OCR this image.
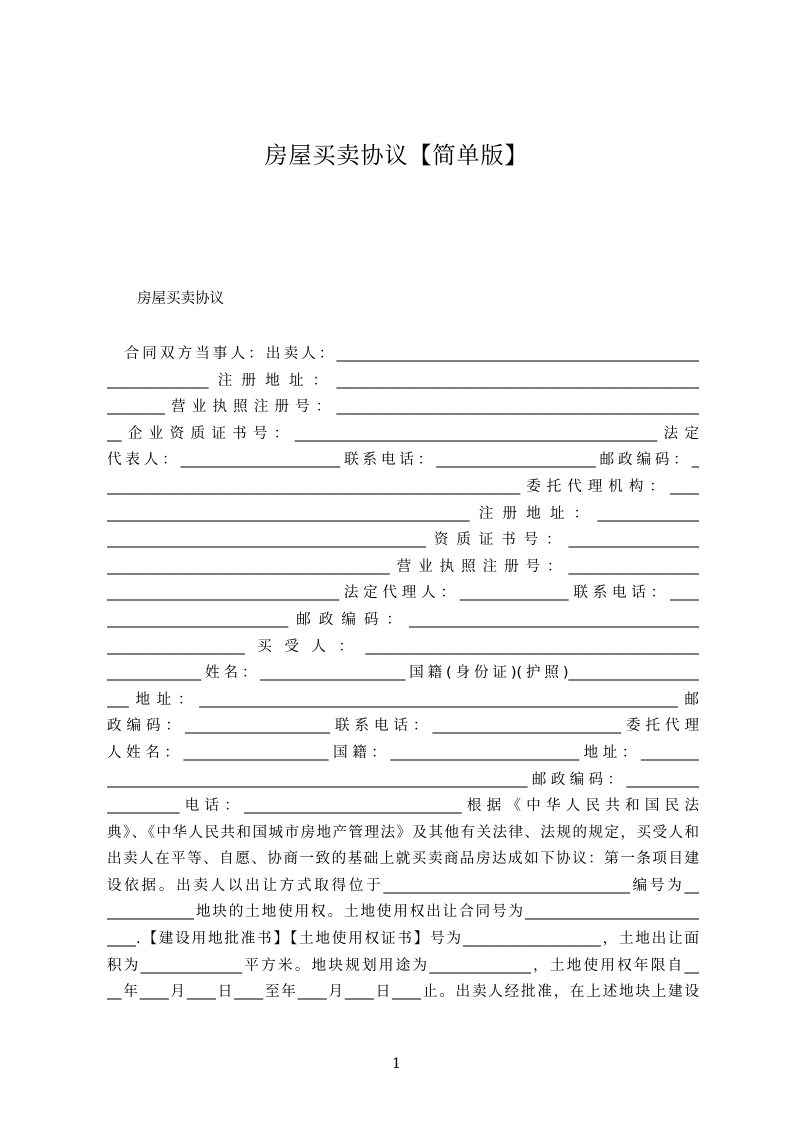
房屋买卖协议【简单版】
房屋买卖协议
　合同双方当事人：出卖人：__________________________________________________
______________注册地址：__________________________________________________
________营业执照注册号：__________________________________________________
__企业资质证书号：__________________________________________________法定
代表人：______________________联系电话：______________________邮政编码：_
_________________________________________________________委托代理机构：____
__________________________________________________注册地址：______________
____________________________________________资质证书号：__________________
_______________________________________营业执照注册号：__________________
________________________________法定代理人：_______________联系电话：____
_________________________邮政编码：________________________________________
___________________买受人：______________________________________________
_____________姓名：____________________国籍(身份证)(护照)__________________
___地址：__________________________________________________________________邮
政编码：____________________联系电话：__________________________委托代理
人姓名：____________________国籍：__________________________地址：________
__________________________________________________________邮政编码：__________
__________电话：______________________________根据《中华人民共和国民法
典》、《中华人民共和国城市房地产管理法》及其他有关法律、法规的规定，买受人和
出卖人在平等、自愿、协商一致的基础上就买卖商品房达成如下协议：第一条项目建
设依据。出卖人以出让方式取得位于__________________________________编号为__
____________地块的土地使用权。土地使用权出让合同号为________________________
____.【建设用地批准书】【土地使用权证书】号为___________________，土地出让面
积为______________平方米。地块规划用途为______________，土地使用权年限自__
__年____月____日____至年____月____日____止。出卖人经批准，在上述地块上建设
1
